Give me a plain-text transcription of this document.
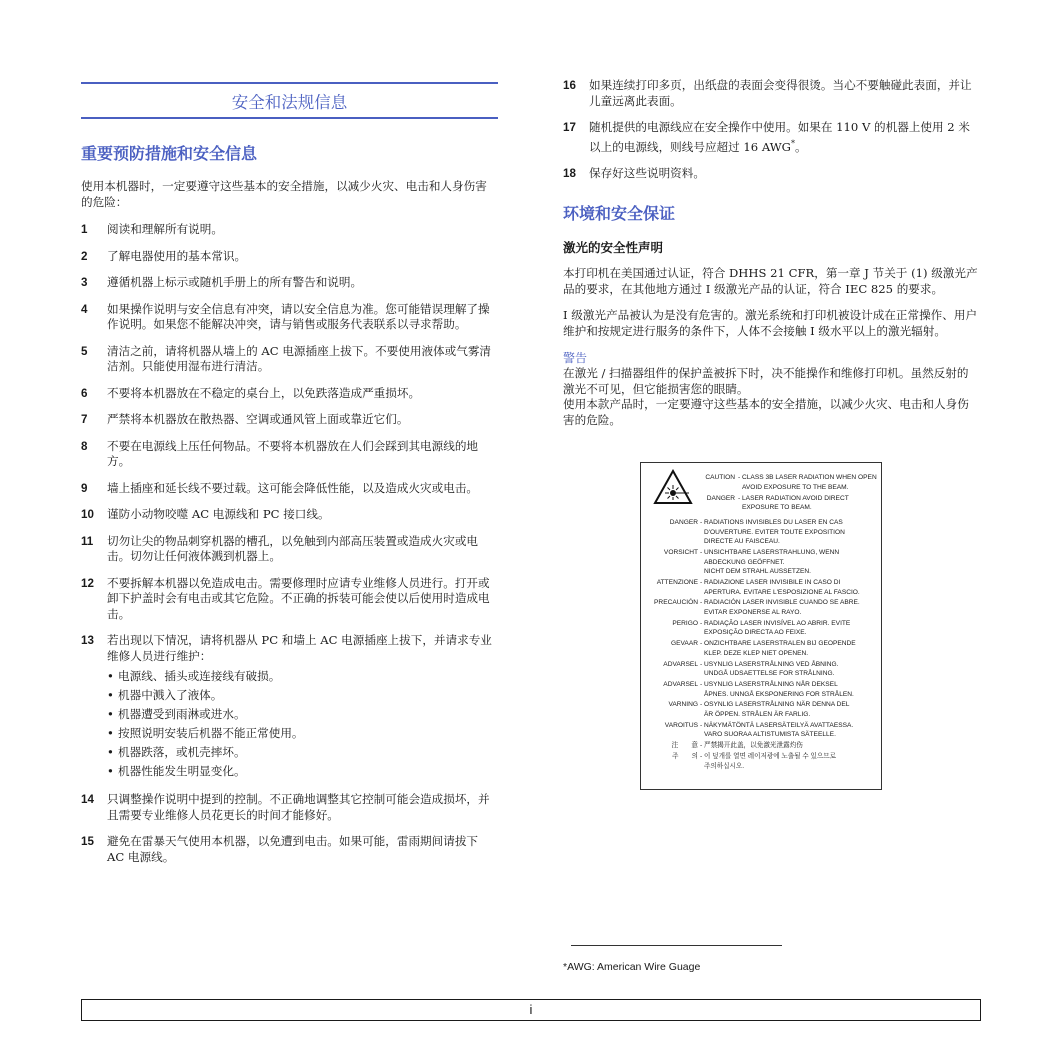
安全和法规信息
重要预防措施和安全信息

使用本机器时，一定要遵守这些基本的安全措施，以减少火灾、电击和人身伤害的危险：

1 阅读和理解所有说明。

2 了解电器使用的基本常识。

3 遵循机器上标示或随机手册上的所有警告和说明。

4 如果操作说明与安全信息有冲突，请以安全信息为准。您可能错误理解了操作说明。如果您不能解决冲突，请与销售或服务代表联系以寻求帮助。

5 清洁之前，请将机器从墙上的 AC 电源插座上拔下。不要使用液体或气雾清洁剂。只能使用湿布进行清洁。

6 不要将本机器放在不稳定的桌台上，以免跌落造成严重损坏。

7 严禁将本机器放在散热器、空调或通风管上面或靠近它们。

8 不要在电源线上压任何物品。不要将本机器放在人们会踩到其电源线的地方。

9 墙上插座和延长线不要过载。这可能会降低性能，以及造成火灾或电击。

10 谨防小动物咬噬 AC 电源线和 PC 接口线。

11 切勿让尖的物品刺穿机器的槽孔，以免触到内部高压装置或造成火灾或电击。切勿让任何液体溅到机器上。

12 不要拆解本机器以免造成电击。需要修理时应请专业维修人员进行。打开或卸下护盖时会有电击或其它危险。不正确的拆装可能会使以后使用时造成电击。

13 若出现以下情况，请将机器从 PC 和墙上 AC 电源插座上拔下，并请求专业维修人员进行维护：
• 电源线、插头或连接线有破损。
• 机器中溅入了液体。
• 机器遭受到雨淋或进水。
• 按照说明安装后机器不能正常使用。
• 机器跌落，或机壳摔坏。
• 机器性能发生明显变化。

14 只调整操作说明中提到的控制。不正确地调整其它控制可能会造成损坏，并且需要专业维修人员花更长的时间才能修好。

15 避免在雷暴天气使用本机器，以免遭到电击。如果可能，雷雨期间请拔下 AC 电源线。

16 如果连续打印多页，出纸盘的表面会变得很烫。当心不要触碰此表面，并让儿童远离此表面。

17 随机提供的电源线应在安全操作中使用。如果在 110 V 的机器上使用 2 米以上的电源线，则线号应超过 16 AWG*。

18 保存好这些说明资料。

环境和安全保证
激光的安全性声明

本打印机在美国通过认证，符合 DHHS 21 CFR，第一章 J 节关于 (1) 级激光产品的要求，在其他地方通过 I 级激光产品的认证，符合 IEC 825 的要求。

I 级激光产品被认为是没有危害的。激光系统和打印机被设计成在正常操作、用户维护和按规定进行服务的条件下，人体不会接触 I 级水平以上的激光辐射。

警告

在激光 / 扫描器组件的保护盖被拆下时，决不能操作和维修打印机。虽然反射的激光不可见，但它能损害您的眼睛。

使用本款产品时，一定要遵守这些基本的安全措施，以减少火灾、电击和人身伤害的危险。

CAUTION - CLASS 3B LASER RADIATION WHEN OPEN
AVOID EXPOSURE TO THE BEAM.
DANGER - LASER RADIATION AVOID DIRECT
EXPOSURE TO BEAM.
DANGER - RADIATIONS INVISIBLES DU LASER EN CAS
D'OUVERTURE. EVITER TOUTE EXPOSITION
DIRECTE AU FAISCEAU.
VORSICHT - UNSICHTBARE LASERSTRAHLUNG, WENN
ABDECKUNG GEÖFFNET.
NICHT DEM STRAHL AUSSETZEN.
ATTENZIONE - RADIAZIONE LASER INVISIBILE IN CASO DI
APERTURA. EVITARE L'ESPOSIZIONE AL FASCIO.
PRECAUCIÓN - RADIACIÓN LASER INVISIBLE CUANDO SE ABRE.
EVITAR EXPONERSE AL RAYO.
PERIGO - RADIAÇÃO LASER INVISÍVEL AO ABRIR. EVITE
EXPOSIÇÃO DIRECTA AO FEIXE.
GEVAAR - ONZICHTBARE LASERSTRALEN BIJ GEOPENDE
KLEP. DEZE KLEP NIET OPENEN.
ADVARSEL - USYNLIG LASERSTRÅLNING VED ÅBNING.
UNDGÅ UDSAETTELSE FOR STRÅLNING.
ADVARSEL - USYNLIG LASERSTRÅLNING NÅR DEKSEL
ÅPNES. UNNGÅ EKSPONERING FOR STRÅLEN.
VARNING - OSYNLIG LASERSTRÅLNING NÄR DENNA DEL
ÄR ÖPPEN. STRÅLEN ÄR FARLIG.
VAROITUS - NÄKYMÄTÖNTÄ LASERSÄTEILYÄ AVATTAESSA.
VARO SUORAA ALTISTUMISTA SÄTEELLE.
注　　意 - 严禁揭开此盖，以免激光泄露灼伤
주　　의 - 이 덮개를 열면 레이저광에 노출될 수 있으므로
주의하십시오.
*AWG: American Wire Guage
i
